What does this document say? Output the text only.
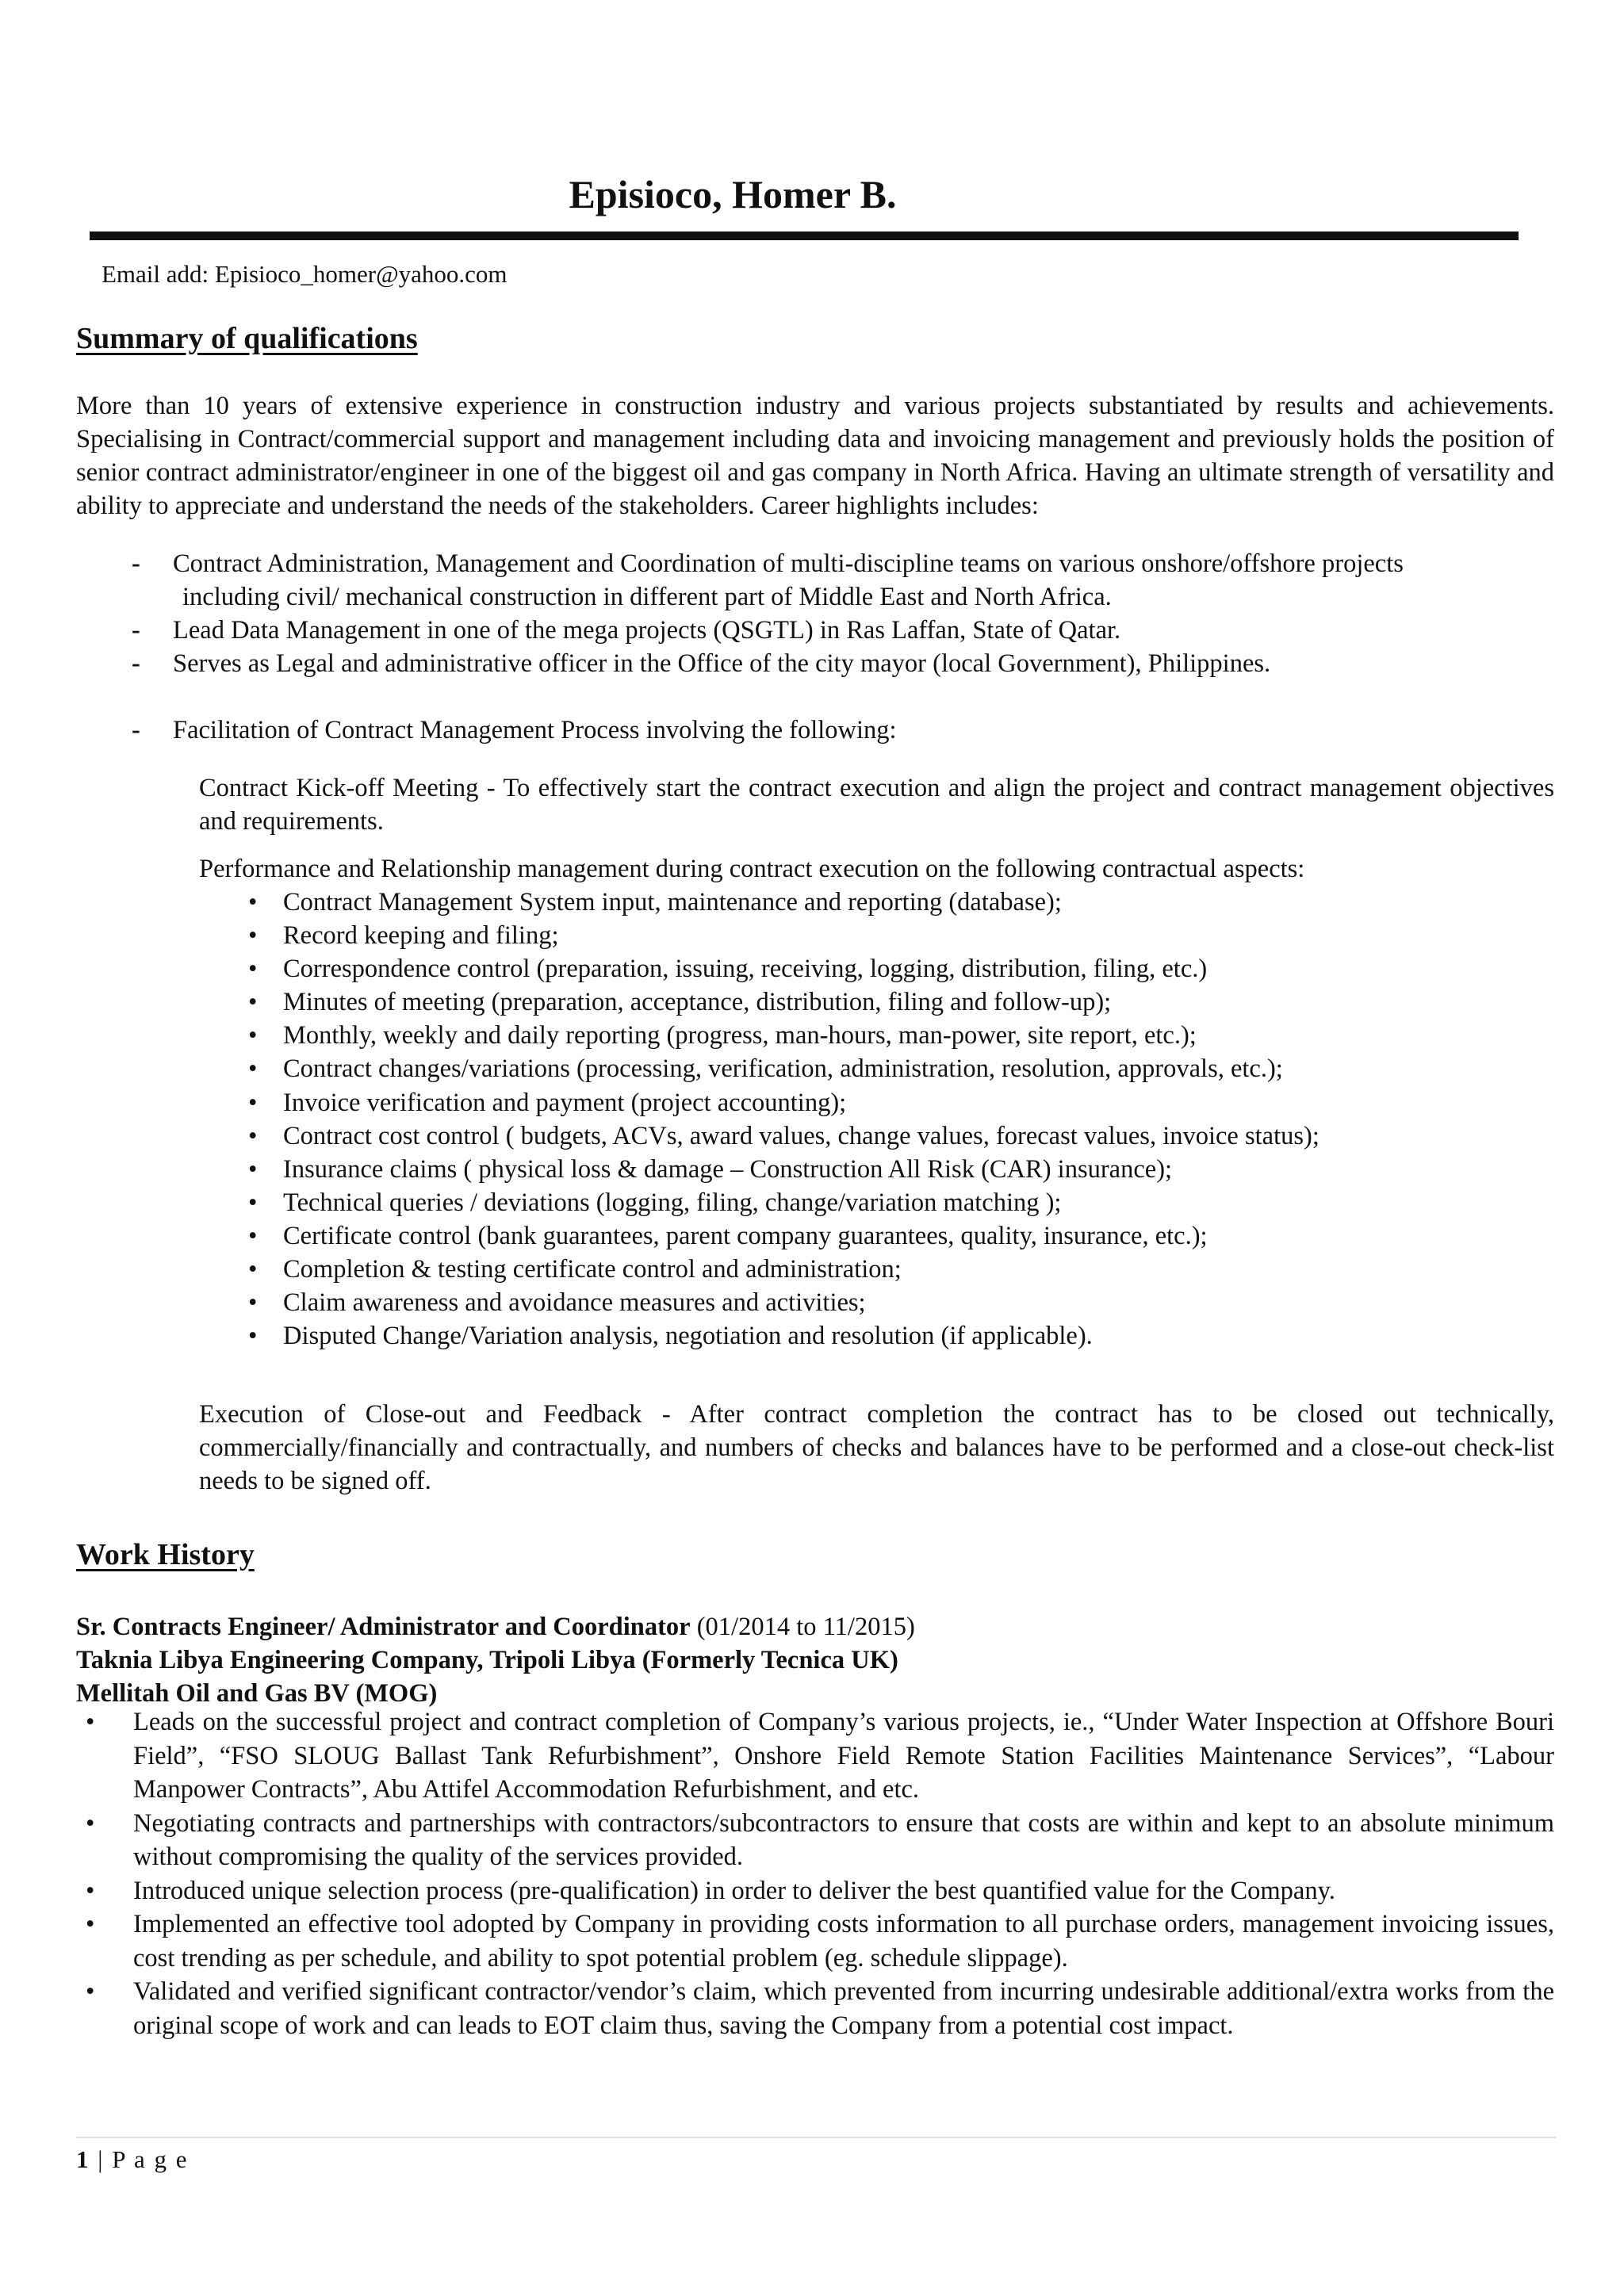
Episioco, Homer B.
Email add: Episioco_homer@yahoo.com
Summary of qualifications
More than 10 years of extensive experience in construction industry and various projects substantiated by results and achievements. Specialising in Contract/commercial support and management including data and invoicing management and previously holds the position of senior contract administrator/engineer in one of the biggest oil and gas company in North Africa. Having an ultimate strength of versatility and ability to appreciate and understand the needs of the stakeholders. Career highlights includes:
- Contract Administration, Management and Coordination of multi-discipline teams on various onshore/offshore projects
including civil/ mechanical construction in different part of Middle East and North Africa.
- Lead Data Management in one of the mega projects (QSGTL) in Ras Laffan, State of Qatar.
- Serves as Legal and administrative officer in the Office of the city mayor (local Government), Philippines.
- Facilitation of Contract Management Process involving the following:
Contract Kick-off Meeting - To effectively start the contract execution and align the project and contract management objectives and requirements.
Performance and Relationship management during contract execution on the following contractual aspects:
• Contract Management System input, maintenance and reporting (database);
• Record keeping and filing;
• Correspondence control (preparation, issuing, receiving, logging, distribution, filing, etc.)
• Minutes of meeting (preparation, acceptance, distribution, filing and follow-up);
• Monthly, weekly and daily reporting (progress, man-hours, man-power, site report, etc.);
• Contract changes/variations (processing, verification, administration, resolution, approvals, etc.);
• Invoice verification and payment (project accounting);
• Contract cost control ( budgets, ACVs, award values, change values, forecast values, invoice status);
• Insurance claims ( physical loss & damage – Construction All Risk (CAR) insurance);
• Technical queries / deviations (logging, filing, change/variation matching );
• Certificate control (bank guarantees, parent company guarantees, quality, insurance, etc.);
• Completion & testing certificate control and administration;
• Claim awareness and avoidance measures and activities;
• Disputed Change/Variation analysis, negotiation and resolution (if applicable).
Execution of Close-out and Feedback - After contract completion the contract has to be closed out technically, commercially/financially and contractually, and numbers of checks and balances have to be performed and a close-out check-list needs to be signed off.
Work History
Sr. Contracts Engineer/ Administrator and Coordinator (01/2014 to 11/2015)
Taknia Libya Engineering Company, Tripoli Libya (Formerly Tecnica UK)
Mellitah Oil and Gas BV (MOG)
• Leads on the successful project and contract completion of Company’s various projects, ie., “Under Water Inspection at Offshore Bouri Field”, “FSO SLOUG Ballast Tank Refurbishment”, Onshore Field Remote Station Facilities Maintenance Services”, “Labour Manpower Contracts”, Abu Attifel Accommodation Refurbishment, and etc.
• Negotiating contracts and partnerships with contractors/subcontractors to ensure that costs are within and kept to an absolute minimum without compromising the quality of the services provided.
• Introduced unique selection process (pre-qualification) in order to deliver the best quantified value for the Company.
• Implemented an effective tool adopted by Company in providing costs information to all purchase orders, management invoicing issues, cost trending as per schedule, and ability to spot potential problem (eg. schedule slippage).
• Validated and verified significant contractor/vendor’s claim, which prevented from incurring undesirable additional/extra works from the original scope of work and can leads to EOT claim thus, saving the Company from a potential cost impact.
1 | P a g e
